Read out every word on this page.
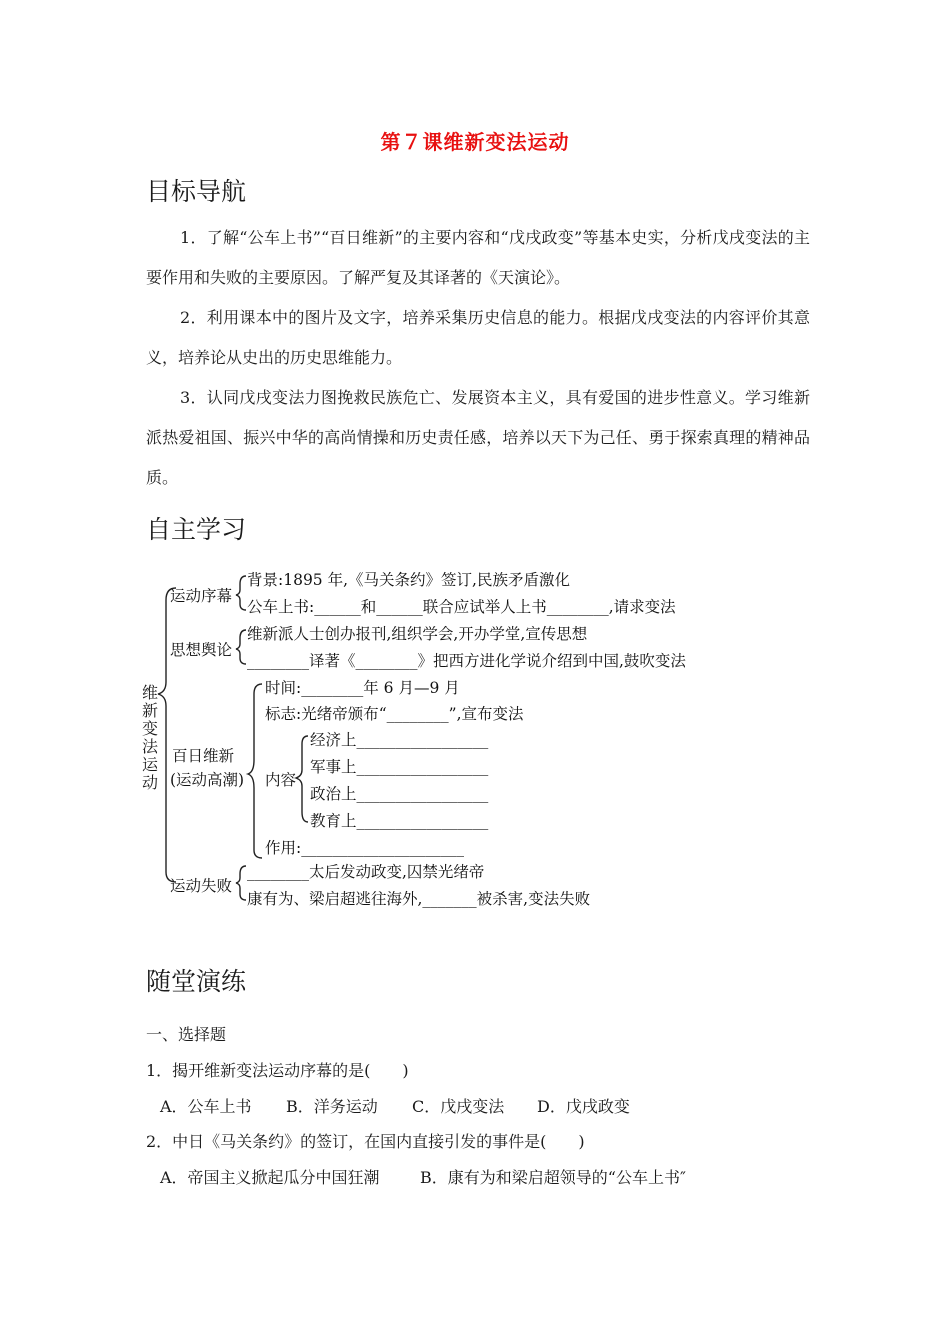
第７课维新变法运动
目标导航

1．了解“公车上书”“百日维新”的主要内容和“戊戌政变”等基本史实，分析戊戌变法的主要作用和失败的主要原因。了解严复及其译著的《天演论》。

2．利用课本中的图片及文字，培养采集历史信息的能力。根据戊戌变法的内容评价其意义，培养论从史出的历史思维能力。

3．认同戊戌变法力图挽救民族危亡、发展资本主义，具有爱国的进步性意义。学习维新派热爱祖国、振兴中华的高尚情操和历史责任感，培养以天下为己任、勇于探索真理的精神品质。

自主学习
维新变法运动
运动序幕
背景:1895 年,《马关条约》签订,民族矛盾激化
公车上书:______和______联合应试举人上书________,请求变法
思想舆论
维新派人士创办报刊,组织学会,开办学堂,宣传思想
________译著《________》把西方进化学说介绍到中国,鼓吹变法
百日维新
(运动高潮)
时间:________年 6 月—9 月
标志:光绪帝颁布“________”,宣布变法
内容
经济上_________________
军事上_________________
政治上_________________
教育上_________________
作用:_____________________
运动失败
________太后发动政变,囚禁光绪帝
康有为、梁启超逃往海外,_______被杀害,变法失败
随堂演练
一、选择题
1．揭开维新变法运动序幕的是(　　)
A．公车上书 B．洋务运动 C．戊戌变法 D．戊戌政变
2．中日《马关条约》的签订，在国内直接引发的事件是(　　)
A．帝国主义掀起瓜分中国狂潮	B．康有为和梁启超领导的“公车上书″
